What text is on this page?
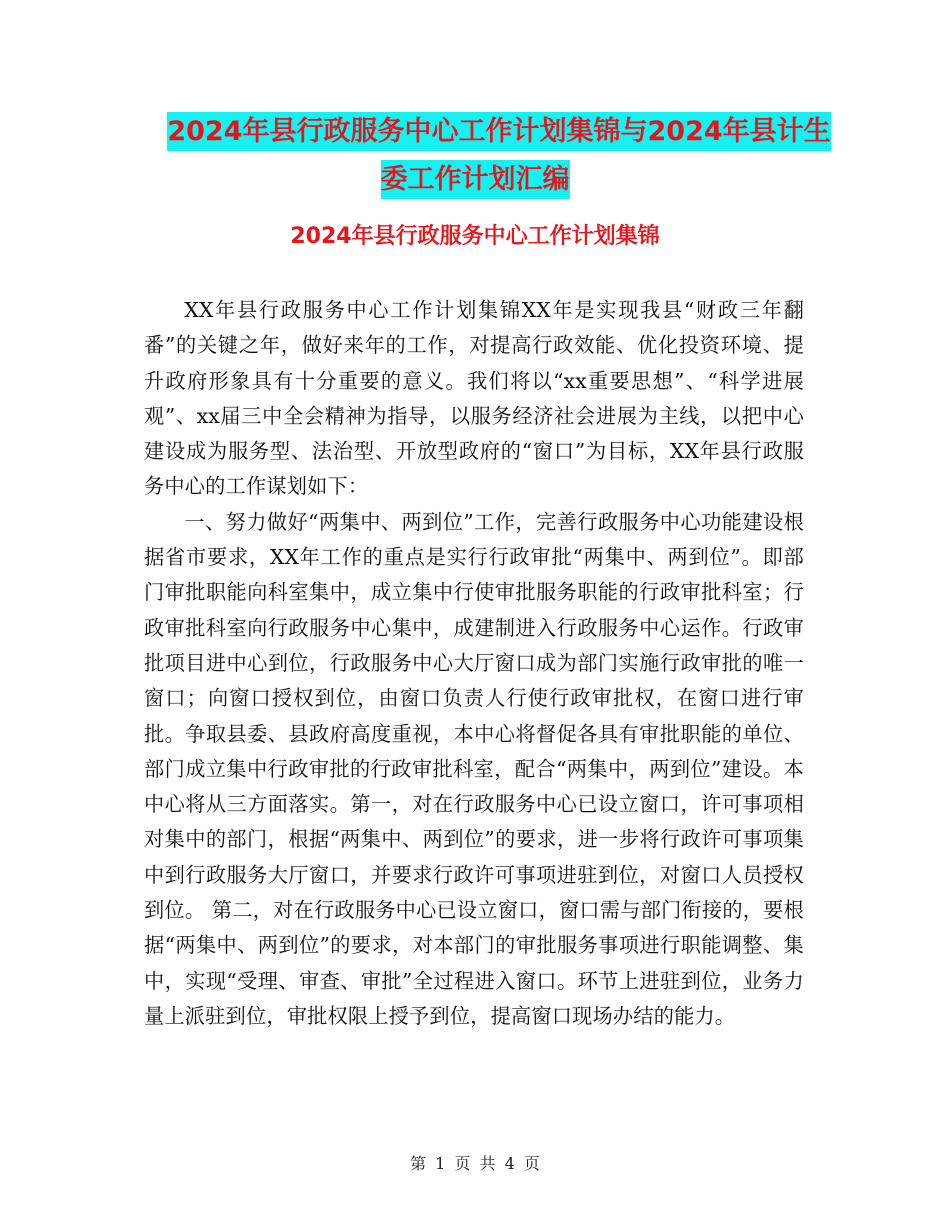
2024年县行政服务中心工作计划集锦与2024年县计生
委工作计划汇编
2024年县行政服务中心工作计划集锦

XX年县行政服务中心工作计划集锦XX年是实现我县“财政三年翻番”的关键之年，做好来年的工作，对提高行政效能、优化投资环境、提升政府形象具有十分重要的意义。我们将以“xx重要思想”、“科学进展观”、xx届三中全会精神为指导，以服务经济社会进展为主线，以把中心建设成为服务型、法治型、开放型政府的“窗口”为目标，XX年县行政服务中心的工作谋划如下：

一、努力做好“两集中、两到位”工作，完善行政服务中心功能建设根据省市要求，XX年工作的重点是实行行政审批“两集中、两到位”。即部门审批职能向科室集中，成立集中行使审批服务职能的行政审批科室；行政审批科室向行政服务中心集中，成建制进入行政服务中心运作。行政审批项目进中心到位，行政服务中心大厅窗口成为部门实施行政审批的唯一窗口；向窗口授权到位，由窗口负责人行使行政审批权，在窗口进行审批。争取县委、县政府高度重视，本中心将督促各具有审批职能的单位、部门成立集中行政审批的行政审批科室，配合“两集中，两到位”建设。本中心将从三方面落实。第一，对在行政服务中心已设立窗口，许可事项相对集中的部门，根据“两集中、两到位”的要求，进一步将行政许可事项集中到行政服务大厅窗口，并要求行政许可事项进驻到位，对窗口人员授权到位。 第二，对在行政服务中心已设立窗口，窗口需与部门衔接的，要根据“两集中、两到位”的要求，对本部门的审批服务事项进行职能调整、集中，实现“受理、审查、审批”全过程进入窗口。环节上进驻到位，业务力量上派驻到位，审批权限上授予到位，提高窗口现场办结的能力。

第 1 页 共 4 页
